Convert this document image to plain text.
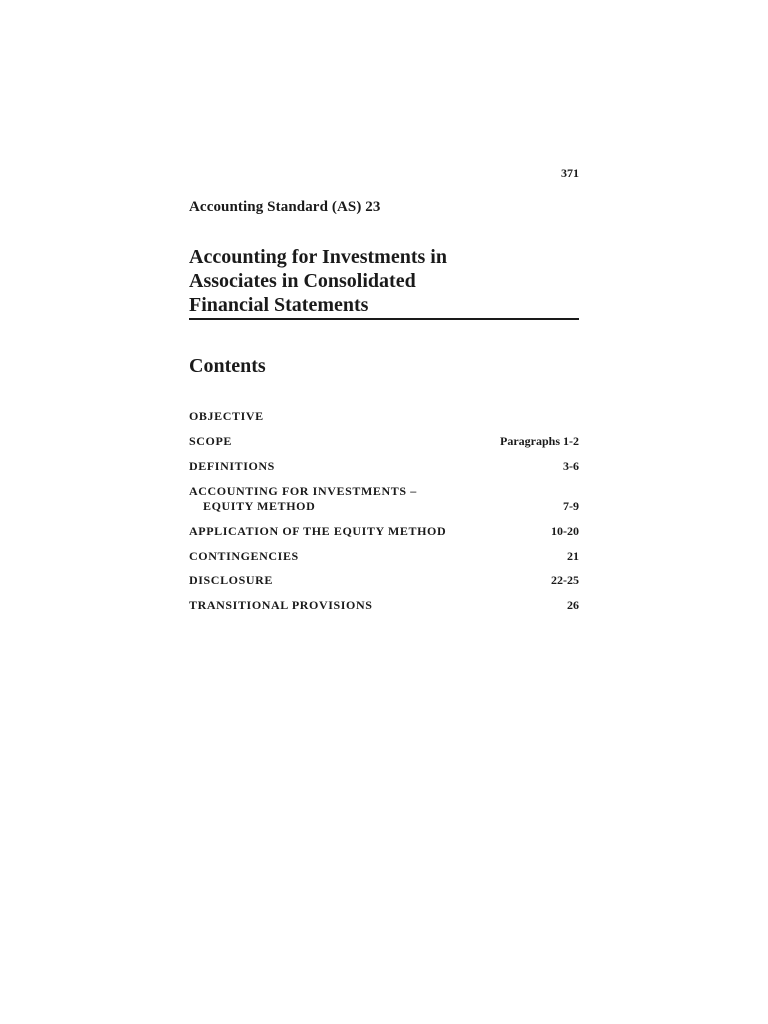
371
Accounting Standard (AS) 23
Accounting for Investments in
Associates in Consolidated
Financial Statements
Contents
OBJECTIVE
SCOPE	Paragraphs 1-2
DEFINITIONS	3-6
ACCOUNTING FOR INVESTMENTS –
EQUITY METHOD	7-9
APPLICATION OF THE EQUITY METHOD	10-20
CONTINGENCIES	21
DISCLOSURE	22-25
TRANSITIONAL PROVISIONS	26
